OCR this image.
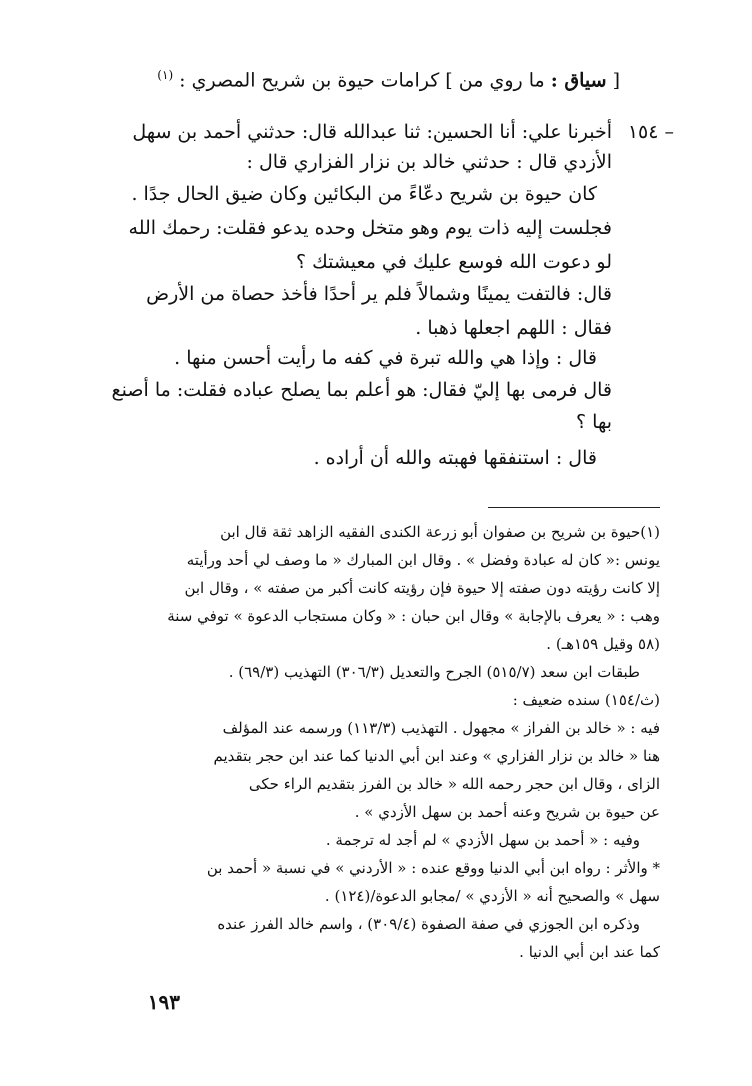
[ سياق : ما روي من ] كرامات حيوة بن شريح المصري : $^{(١)}$
١٥٤ –
أخبرنا علي: أنا الحسين: ثنا عبدالله قال: حدثني أحمد بن سهل
الأزدي قال : حدثني خالد بن نزار الفزاري قال :
كان حيوة بن شريح دعّاءً من البكائين وكان ضيق الحال جدًا .
فجلست إليه ذات يوم وهو متخل وحده يدعو فقلت: رحمك الله
لو دعوت الله فوسع عليك في معيشتك ؟
قال: فالتفت يمينًا وشمالاً فلم ير أحدًا فأخذ حصاة من الأرض
فقال : اللهم اجعلها ذهبا .
قال : وإذا هي والله تبرة في كفه ما رأيت أحسن منها .
قال فرمى بها إليّ فقال: هو أعلم بما يصلح عباده فقلت: ما أصنع
بها ؟
قال : استنفقها فهبته والله أن أراده .
(١)حيوة بن شريح بن صفوان أبو زرعة الكندى الفقيه الزاهد ثقة قال ابن
يونس :« كان له عبادة وفضل » . وقال ابن المبارك « ما وصف لي أحد ورأيته
إلا كانت رؤيته دون صفته إلا حيوة فإن رؤيته كانت أكبر من صفته » ، وقال ابن
وهب : « يعرف بالإجابة » وقال ابن حبان : « وكان مستجاب الدعوة » توفي سنة
(٥٨ وقيل ١٥٩هـ) .
طبقات ابن سعد (٥١٥/٧) الجرح والتعديل (٣٠٦/٣) التهذيب (٦٩/٣) .
(ث/١٥٤) سنده ضعيف :
فيه : « خالد بن الفراز » مجهول . التهذيب (١١٣/٣) ورسمه عند المؤلف
هنا « خالد بن نزار الفزاري » وعند ابن أبي الدنيا كما عند ابن حجر بتقديم
الزاى ، وقال ابن حجر رحمه الله « خالد بن الفرز بتقديم الراء حكى
عن حيوة بن شريح وعنه أحمد بن سهل الأزدي » .
وفيه : « أحمد بن سهل الأزدي » لم أجد له ترجمة .
* والأثر : رواه ابن أبي الدنيا ووقع عنده : « الأردني » في نسبة « أحمد بن
سهل » والصحيح أنه « الأزدي » /مجابو الدعوة/(١٢٤) .
وذكره ابن الجوزي في صفة الصفوة (٣٠٩/٤) ، واسم خالد الفرز عنده
كما عند ابن أبي الدنيا .
١٩٣
